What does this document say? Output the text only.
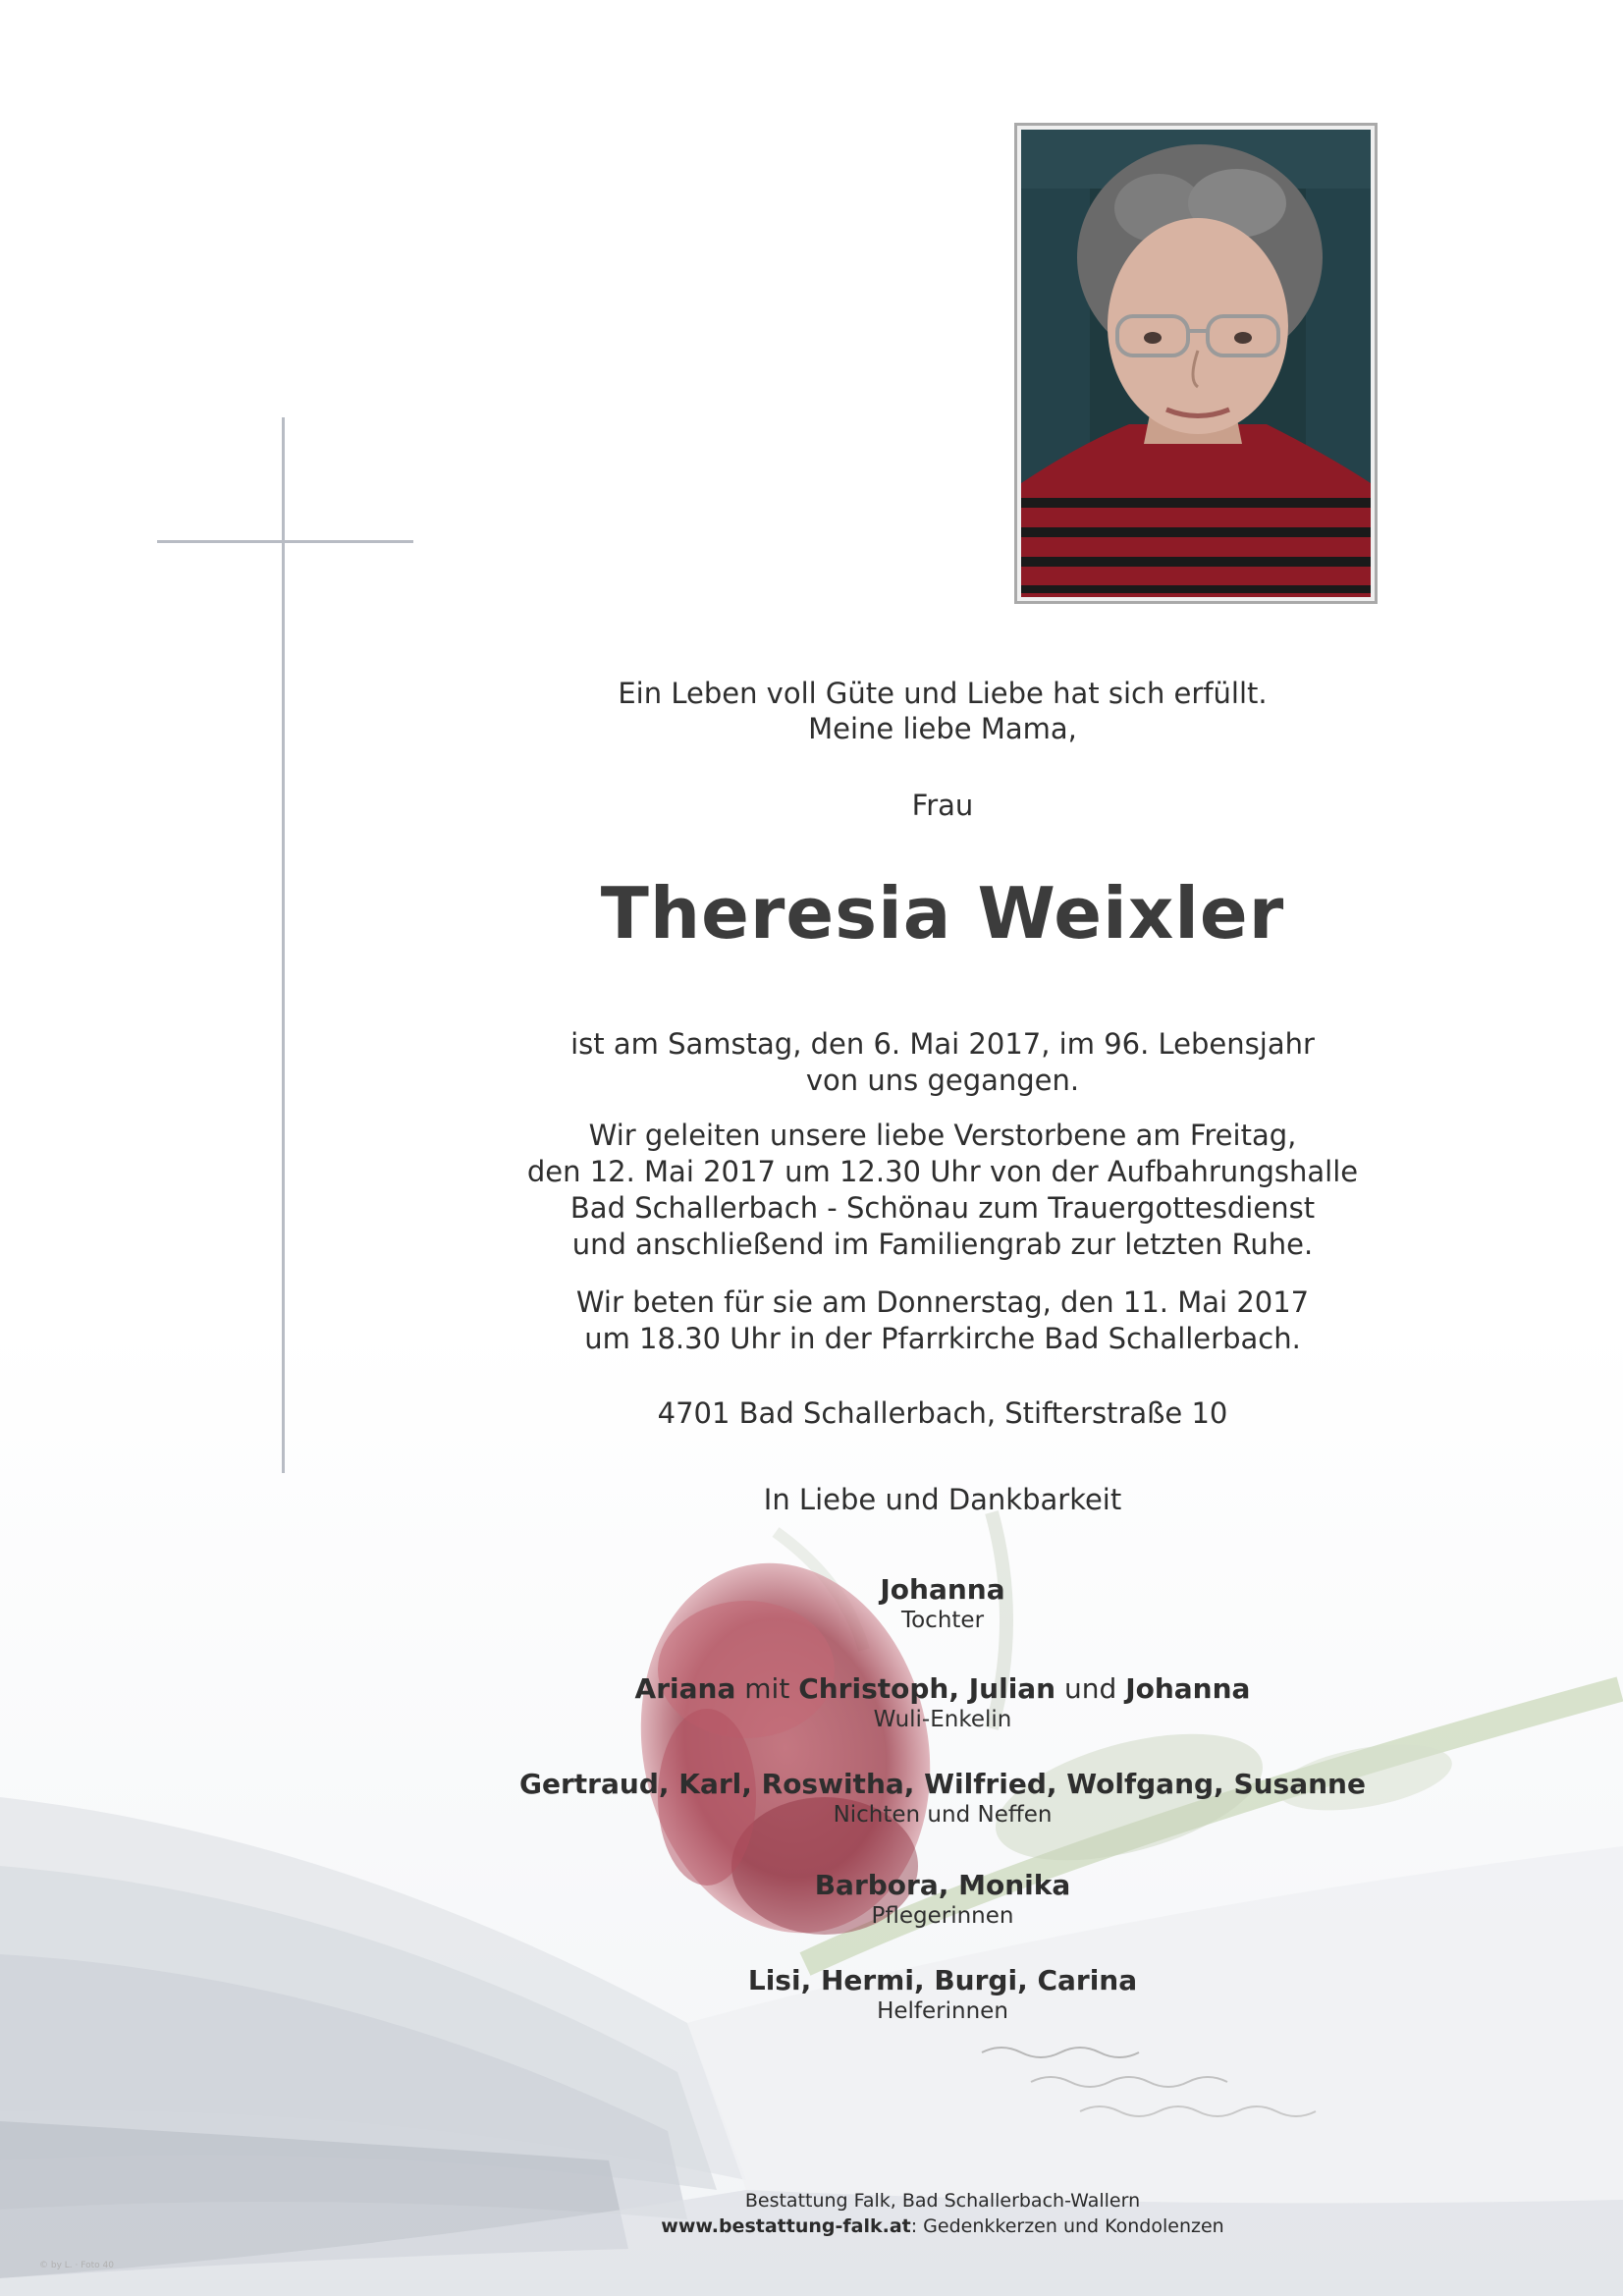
Ein Leben voll Güte und Liebe hat sich erfüllt.
Meine liebe Mama,
Frau
Theresia Weixler

ist am Samstag, den 6. Mai 2017, im 96. Lebensjahr

von uns gegangen.

Wir geleiten unsere liebe Verstorbene am Freitag,

den 12. Mai 2017 um 12.30 Uhr von der Aufbahrungshalle

Bad Schallerbach - Schönau zum Trauergottesdienst

und anschließend im Familiengrab zur letzten Ruhe.

Wir beten für sie am Donnerstag, den 11. Mai 2017

um 18.30 Uhr in der Pfarrkirche Bad Schallerbach.

4701 Bad Schallerbach, Stifterstraße 10
In Liebe und Dankbarkeit
Johanna
Tochter
Ariana mit Christoph, Julian und Johanna
Wuli-Enkelin
Gertraud, Karl, Roswitha, Wilfried, Wolfgang, Susanne
Nichten und Neffen
Barbora, Monika
Pflegerinnen
Lisi, Hermi, Burgi, Carina
Helferinnen
Bestattung Falk, Bad Schallerbach-Wallern
www.bestattung-falk.at: Gedenkkerzen und Kondolenzen
© by L. · Foto 40
